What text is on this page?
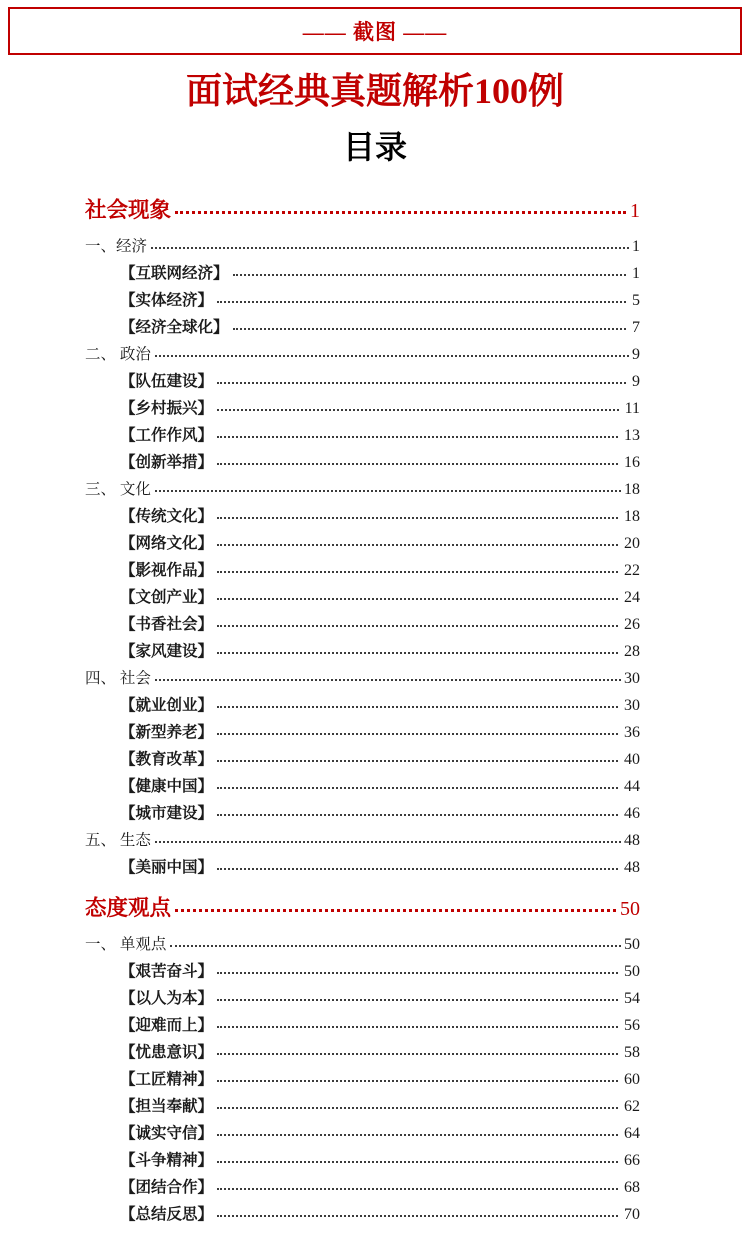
—— 截图 ——
面试经典真题解析100例
目录
社会现象	1
一、经济	1
【互联网经济】	1
【实体经济】	5
【经济全球化】	7
二、 政治	9
【队伍建设】	9
【乡村振兴】	11
【工作作风】	13
【创新举措】	16
三、 文化	18
【传统文化】	18
【网络文化】	20
【影视作品】	22
【文创产业】	24
【书香社会】	26
【家风建设】	28
四、 社会	30
【就业创业】	30
【新型养老】	36
【教育改革】	40
【健康中国】	44
【城市建设】	46
五、 生态	48
【美丽中国】	48
态度观点	50
一、 单观点	50
【艰苦奋斗】	50
【以人为本】	54
【迎难而上】	56
【忧患意识】	58
【工匠精神】	60
【担当奉献】	62
【诚实守信】	64
【斗争精神】	66
【团结合作】	68
【总结反思】	70
